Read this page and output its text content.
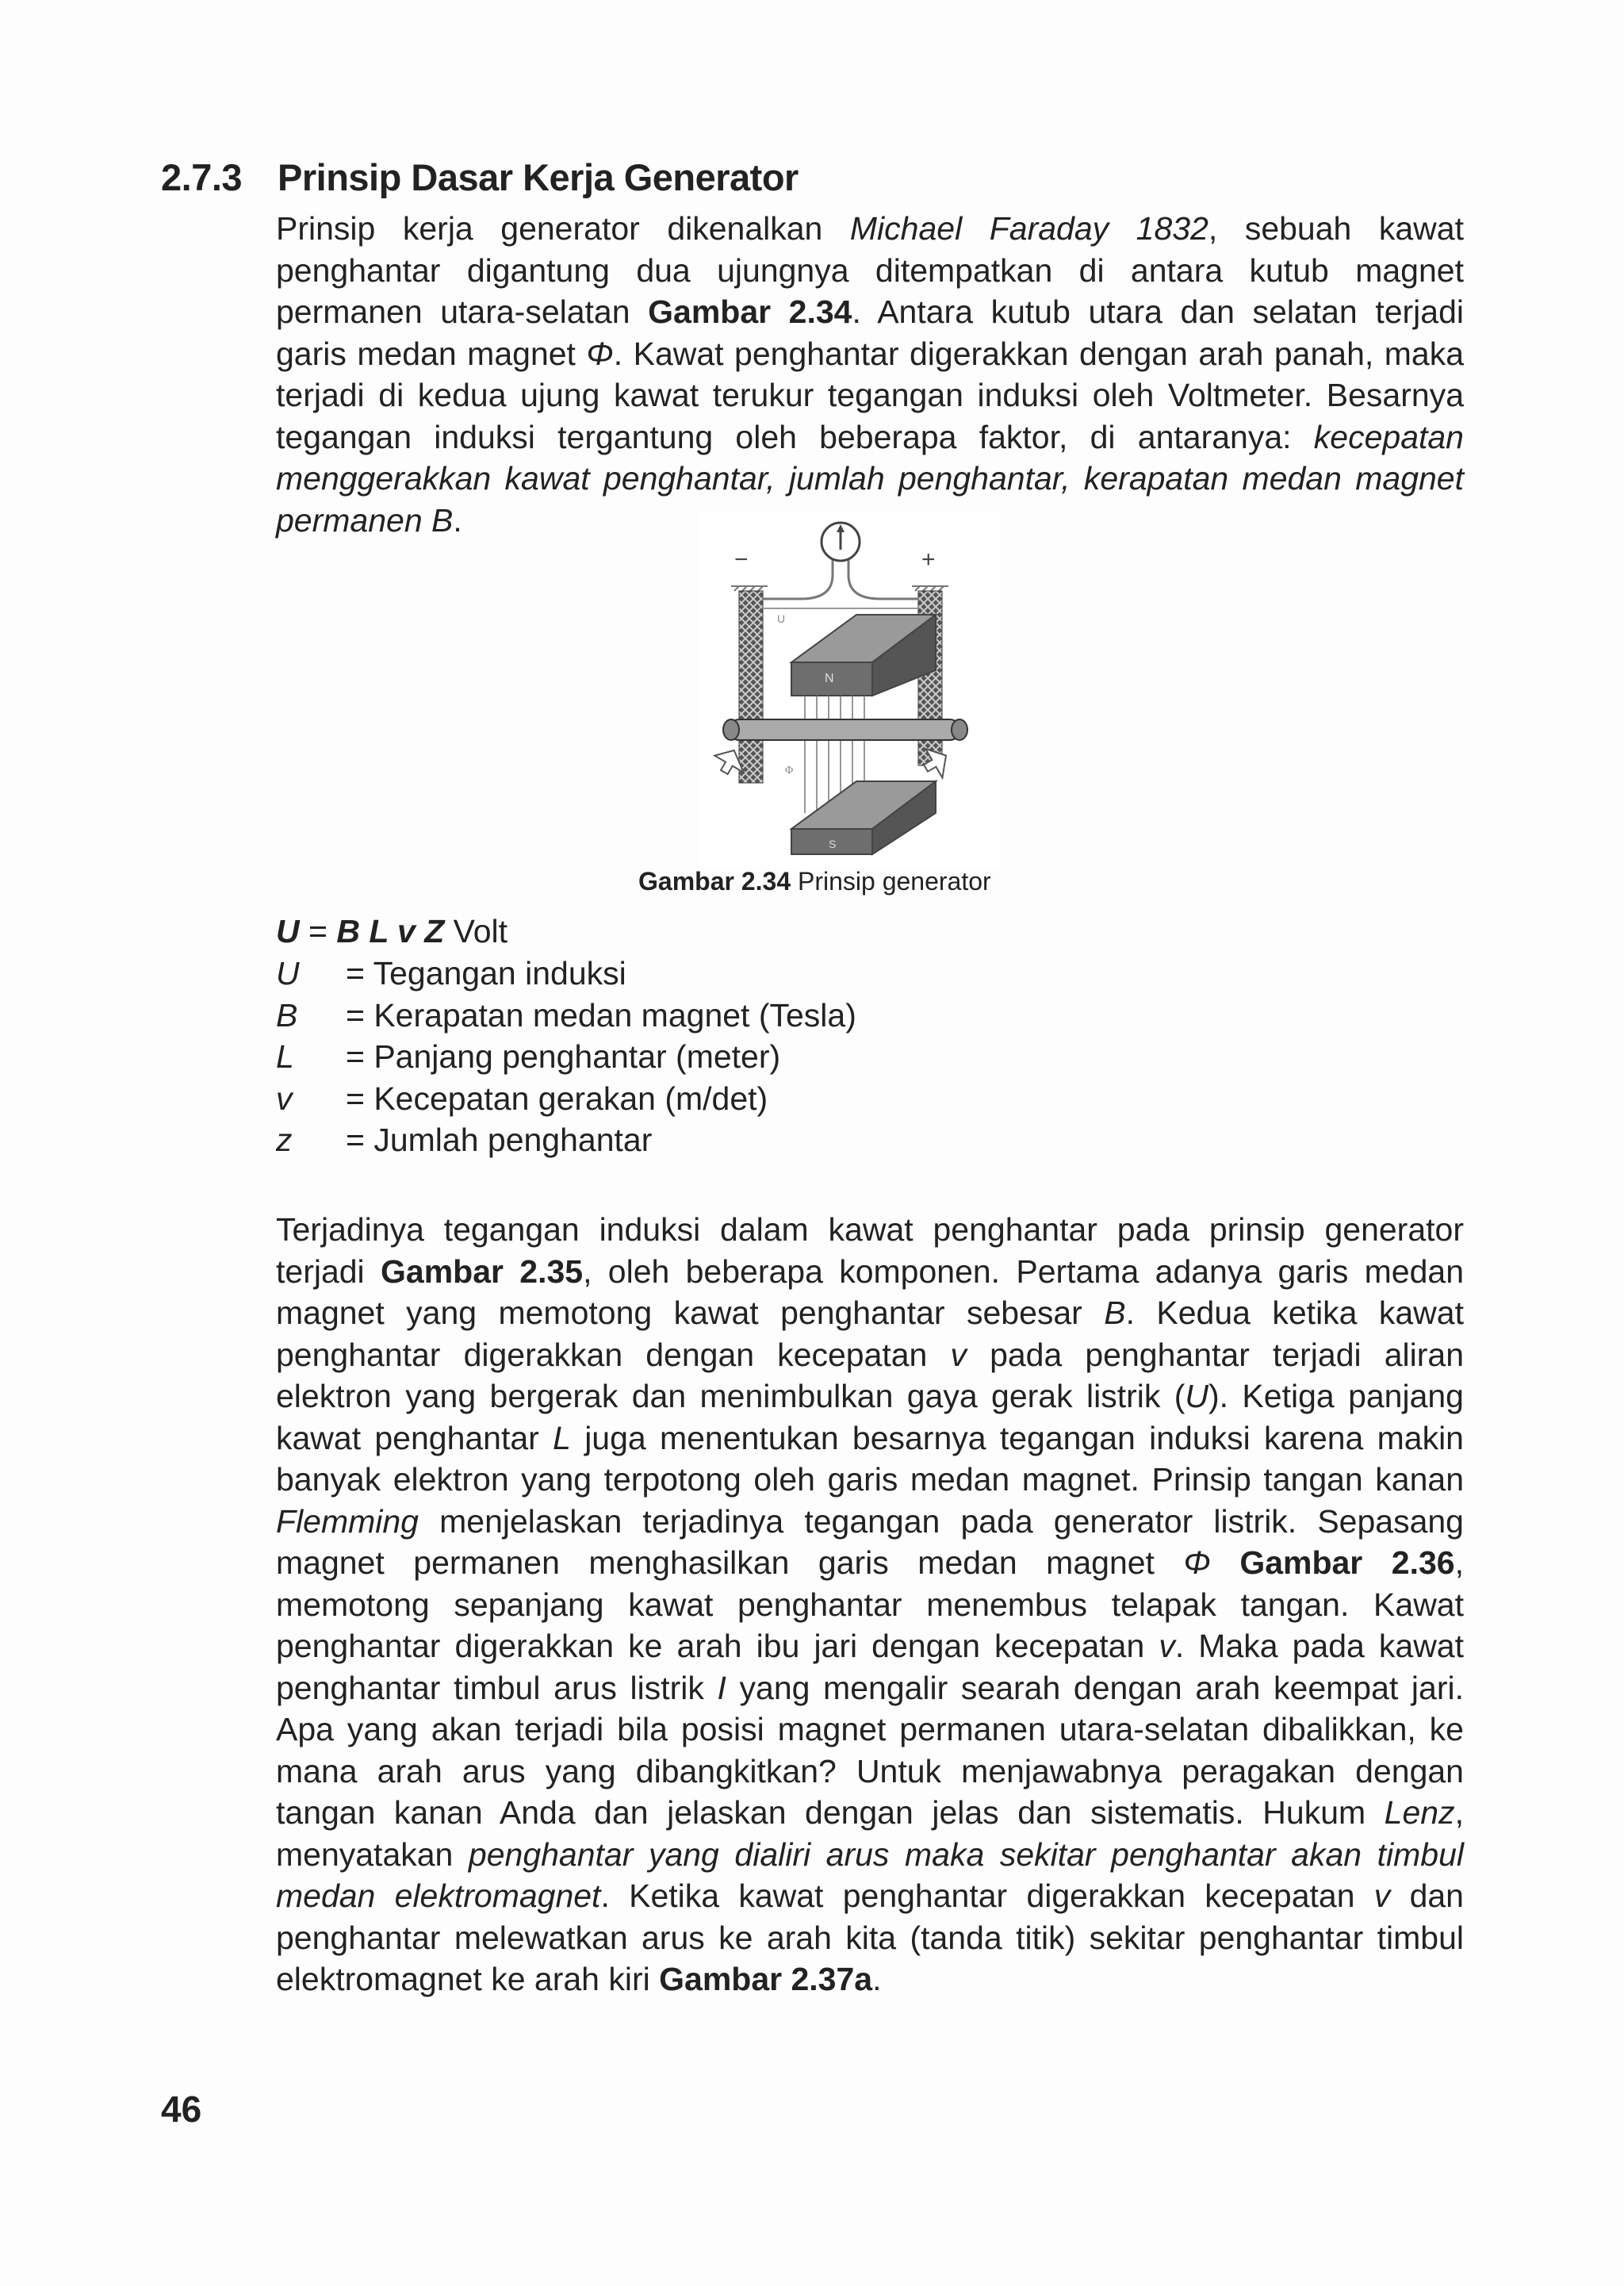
2.7.3 Prinsip Dasar Kerja Generator
Prinsip kerja generator dikenalkan Michael Faraday 1832, sebuah kawat
penghantar digantung dua ujungnya ditempatkan di antara kutub magnet
permanen utara-selatan Gambar 2.34. Antara kutub utara dan selatan terjadi
garis medan magnet Φ. Kawat penghantar digerakkan dengan arah panah, maka
terjadi di kedua ujung kawat terukur tegangan induksi oleh Voltmeter. Besarnya
tegangan induksi tergantung oleh beberapa faktor, di antaranya: kecepatan
menggerakkan kawat penghantar, jumlah penghantar, kerapatan medan magnet
permanen B.
−	+
U
N
Φ
S
Gambar 2.34 Prinsip generator
U = B L v Z Volt
U = Tegangan induksi
B = Kerapatan medan magnet (Tesla)
L = Panjang penghantar (meter)
v = Kecepatan gerakan (m/det)
z = Jumlah penghantar
Terjadinya tegangan induksi dalam kawat penghantar pada prinsip generator
terjadi Gambar 2.35, oleh beberapa komponen. Pertama adanya garis medan
magnet yang memotong kawat penghantar sebesar B. Kedua ketika kawat
penghantar digerakkan dengan kecepatan v pada penghantar terjadi aliran
elektron yang bergerak dan menimbulkan gaya gerak listrik (U). Ketiga panjang
kawat penghantar L juga menentukan besarnya tegangan induksi karena makin
banyak elektron yang terpotong oleh garis medan magnet. Prinsip tangan kanan
Flemming menjelaskan terjadinya tegangan pada generator listrik. Sepasang
magnet permanen menghasilkan garis medan magnet Φ Gambar 2.36,
memotong sepanjang kawat penghantar menembus telapak tangan. Kawat
penghantar digerakkan ke arah ibu jari dengan kecepatan v. Maka pada kawat
penghantar timbul arus listrik I yang mengalir searah dengan arah keempat jari.
Apa yang akan terjadi bila posisi magnet permanen utara-selatan dibalikkan, ke
mana arah arus yang dibangkitkan? Untuk menjawabnya peragakan dengan
tangan kanan Anda dan jelaskan dengan jelas dan sistematis. Hukum Lenz,
menyatakan penghantar yang dialiri arus maka sekitar penghantar akan timbul
medan elektromagnet. Ketika kawat penghantar digerakkan kecepatan v dan
penghantar melewatkan arus ke arah kita (tanda titik) sekitar penghantar timbul
elektromagnet ke arah kiri Gambar 2.37a.
46
